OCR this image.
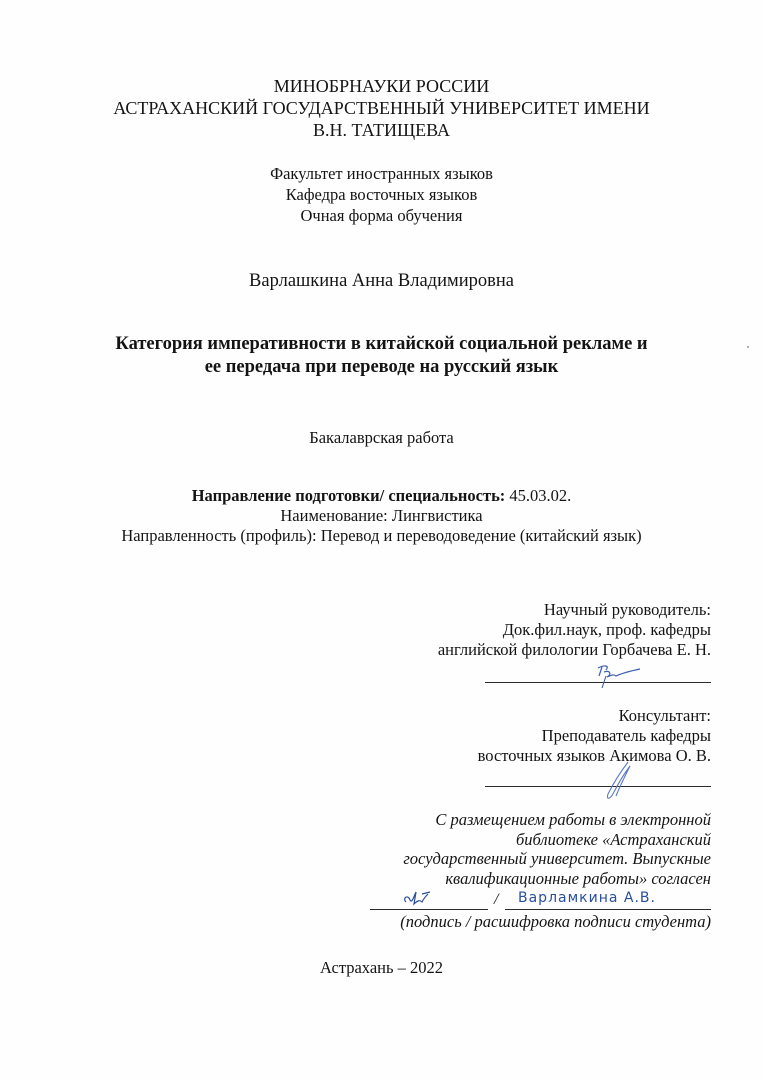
МИНОБРНАУКИ РОССИИ
АСТРАХАНСКИЙ ГОСУДАРСТВЕННЫЙ УНИВЕРСИТЕТ ИМЕНИ
В.Н. ТАТИЩЕВА
Факультет иностранных языков
Кафедра восточных языков
Очная форма обучения
Варлашкина Анна Владимировна
Категория императивности в китайской социальной рекламе и
ее передача при переводе на русский язык
Бакалаврская работа
Направление подготовки/ специальность: 45.03.02.
Наименование: Лингвистика
Направленность (профиль): Перевод и переводоведение (китайский язык)
Научный руководитель:
Док.фил.наук, проф. кафедры
английской филологии Горбачева Е. Н.
Консультант:
Преподаватель кафедры
восточных языков Акимова О. В.
С размещением работы в электронной
библиотеке «Астраханский
государственный университет. Выпускные
квалификационные работы» согласен
/ Варламкина А.В.
(подпись / расшифровка подписи студента)
Астрахань – 2022
